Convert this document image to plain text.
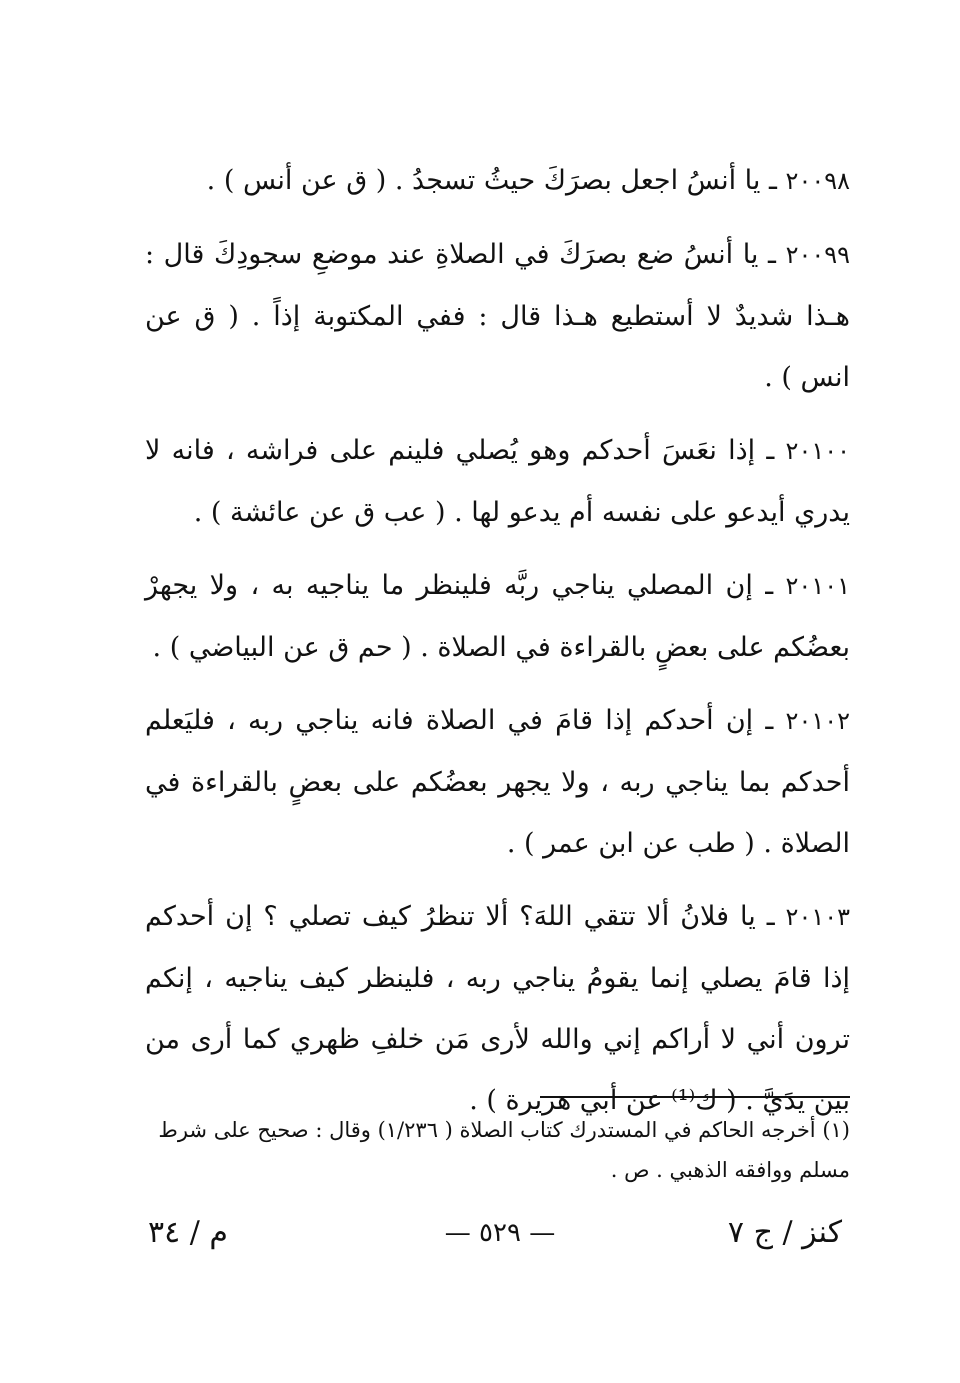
٢٠٠٩٨ ـ يا أنسُ اجعل بصرَكَ حيثُ تسجدُ . ( ق عن أنس ) .

٢٠٠٩٩ ـ يا أنسُ ضع بصرَكَ في الصلاةِ عند موضعِ سجودِكَ قال : هـذا شديدٌ لا أستطيع هـذا قال : ففي المكتوبة إذاً . ( ق عن انس ) .

٢٠١٠٠ ـ إذا نعَسَ أحدكم وهو يُصلي فلينم على فراشه ، فانه لا يدري أيدعو على نفسه أم يدعو لها . ( عب ق عن عائشة ) .

٢٠١٠١ ـ إن المصلي يناجي ربَّه فلينظر ما يناجيه به ، ولا يجهرْ بعضُكم على بعضٍ بالقراءة في الصلاة . ( حم ق عن البياضي ) .

٢٠١٠٢ ـ إن أحدكم إذا قامَ في الصلاة فانه يناجي ربه ، فليَعلم أحدكم بما يناجي ربه ، ولا يجهر بعضُكم على بعضٍ بالقراءة في الصلاة . ( طب عن ابن عمر ) .

٢٠١٠٣ ـ يا فلانُ ألا تتقي اللهَ؟ ألا تنظرُ كيف تصلي ؟ إن أحدكم إذا قامَ يصلي إنما يقومُ يناجي ربه ، فلينظر كيف يناجيه ، إنكم ترون أني لا أراكم إني والله لأرى مَن خلفِ ظهري كما أرى من بين يدَيَّ . ( ك⁽¹⁾ عن أبي هريرة ) .

(١) أخرجه الحاكم في المستدرك كتاب الصلاة ( ١/٢٣٦) وقال : صحيح على شرط مسلم ووافقه الذهبي . ص .
كنز / ج ٧
— ٥٢٩ —
م / ٣٤
